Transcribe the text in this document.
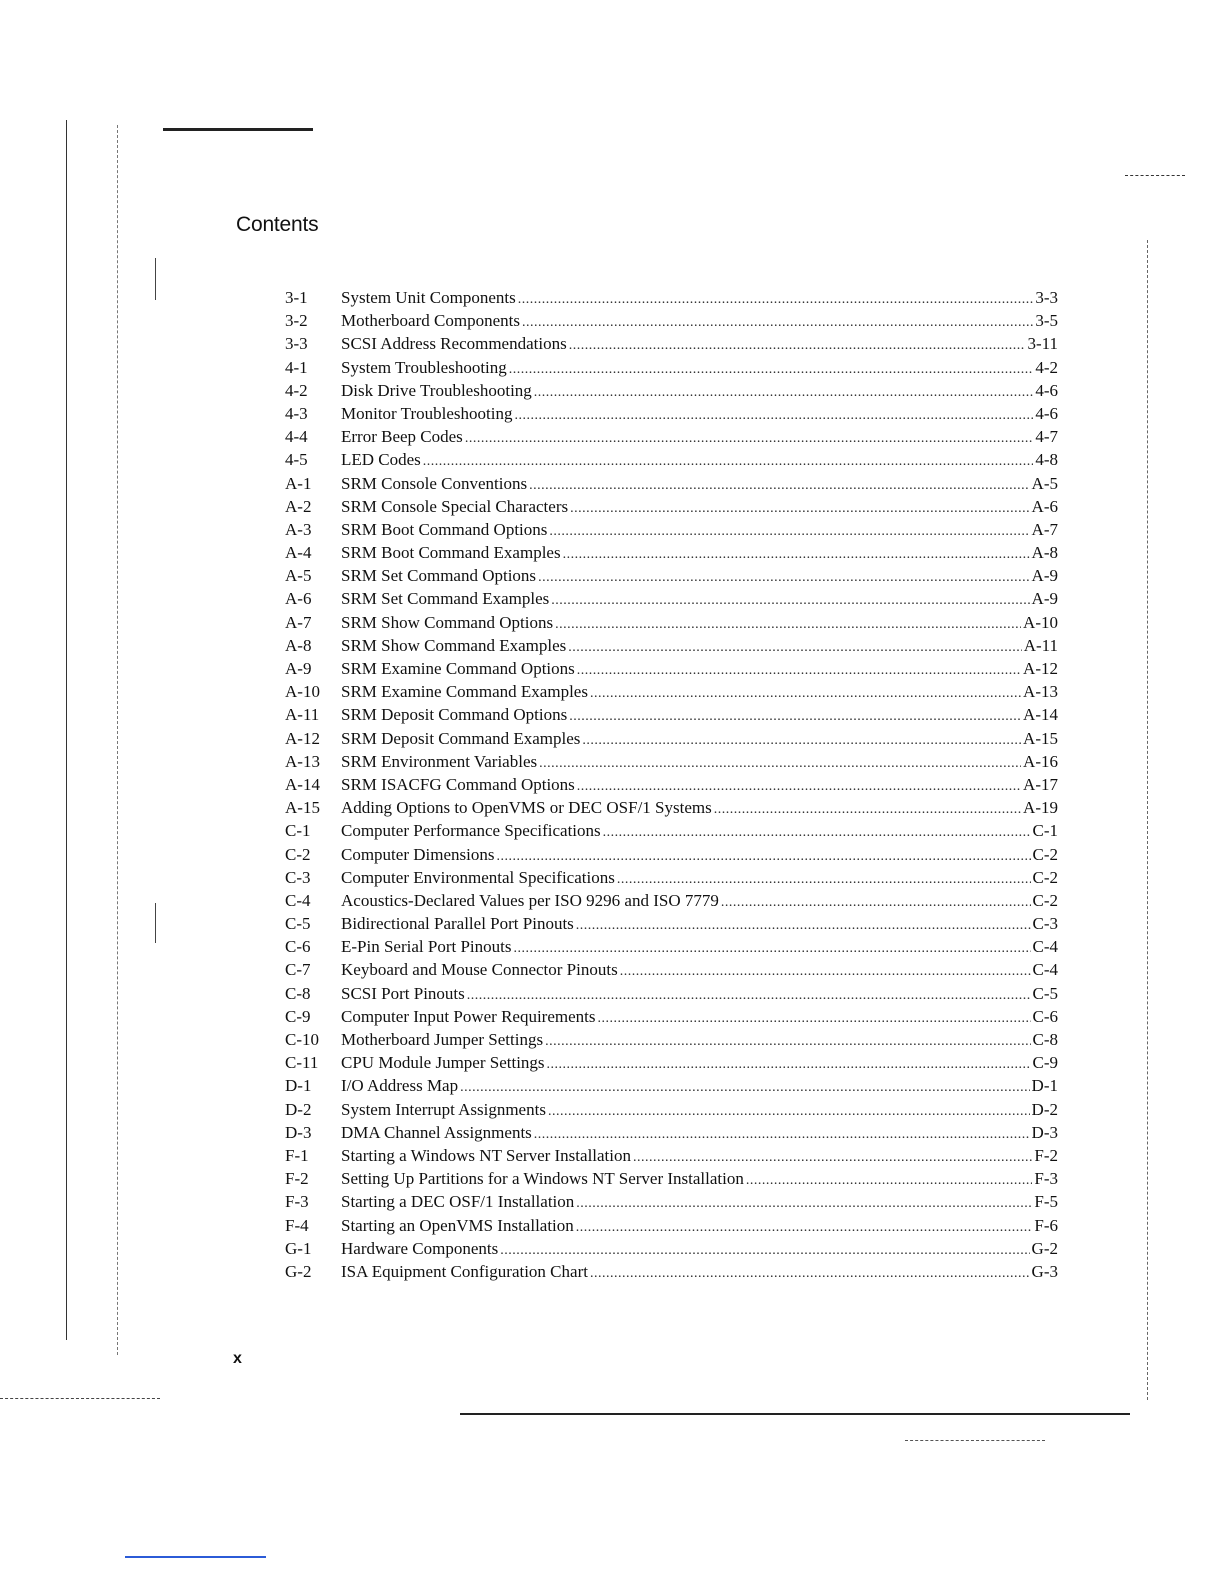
Contents
3-1	System Unit Components .....	3-3
3-2	Motherboard Components .....	3-5
3-3	SCSI Address Recommendations .....	3-11
4-1	System Troubleshooting .....	4-2
4-2	Disk Drive Troubleshooting .....	4-6
4-3	Monitor Troubleshooting .....	4-6
4-4	Error Beep Codes .....	4-7
4-5	LED Codes .....	4-8
A-1	SRM Console Conventions .....	A-5
A-2	SRM Console Special Characters .....	A-6
A-3	SRM Boot Command Options .....	A-7
A-4	SRM Boot Command Examples .....	A-8
A-5	SRM Set Command Options .....	A-9
A-6	SRM Set Command Examples .....	A-9
A-7	SRM Show Command Options .....	A-10
A-8	SRM Show Command Examples .....	A-11
A-9	SRM Examine Command Options .....	A-12
A-10	SRM Examine Command Examples .....	A-13
A-11	SRM Deposit Command Options .....	A-14
A-12	SRM Deposit Command Examples .....	A-15
A-13	SRM Environment Variables .....	A-16
A-14	SRM ISACFG Command Options .....	A-17
A-15	Adding Options to OpenVMS or DEC OSF/1 Systems .....	A-19
C-1	Computer Performance Specifications .....	C-1
C-2	Computer Dimensions .....	C-2
C-3	Computer Environmental Specifications .....	C-2
C-4	Acoustics-Declared Values per ISO 9296 and ISO 7779 .....	C-2
C-5	Bidirectional Parallel Port Pinouts .....	C-3
C-6	E-Pin Serial Port Pinouts .....	C-4
C-7	Keyboard and Mouse Connector Pinouts .....	C-4
C-8	SCSI Port Pinouts .....	C-5
C-9	Computer Input Power Requirements .....	C-6
C-10	Motherboard Jumper Settings .....	C-8
C-11	CPU Module Jumper Settings .....	C-9
D-1	I/O Address Map .....	D-1
D-2	System Interrupt Assignments .....	D-2
D-3	DMA Channel Assignments .....	D-3
F-1	Starting a Windows NT Server Installation .....	F-2
F-2	Setting Up Partitions for a Windows NT Server Installation .....	F-3
F-3	Starting a DEC OSF/1 Installation .....	F-5
F-4	Starting an OpenVMS Installation .....	F-6
G-1	Hardware Components .....	G-2
G-2	ISA Equipment Configuration Chart .....	G-3
x
